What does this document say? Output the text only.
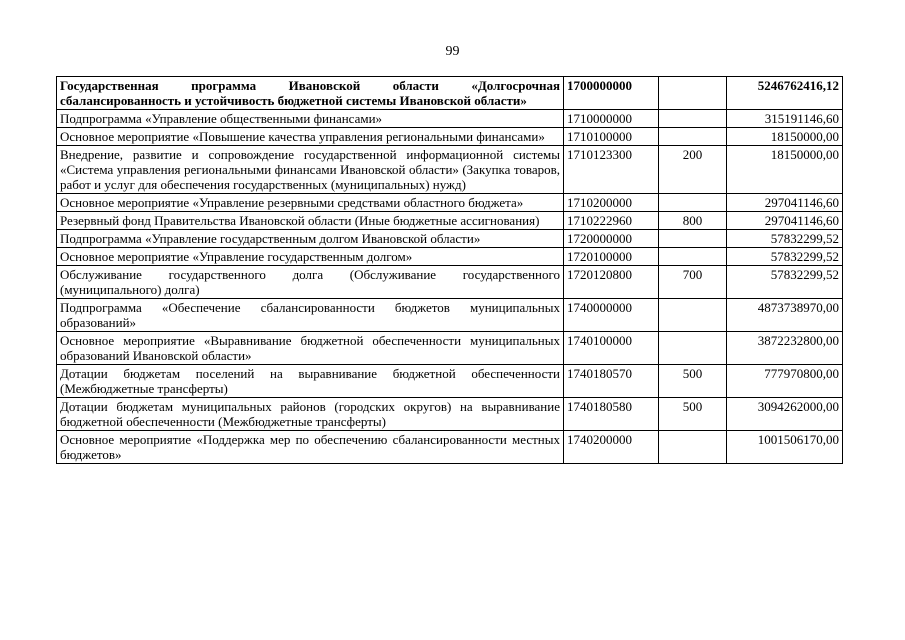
99
Государственная программа Ивановской области «Долгосрочная сбалансированность и устойчивость бюджетной системы Ивановской области»	1700000000		5246762416,12
Подпрограмма «Управление общественными финансами»	1710000000		315191146,60
Основное мероприятие «Повышение качества управления региональными финансами»	1710100000		18150000,00
Внедрение, развитие и сопровождение государственной информационной системы «Система управления региональными финансами Ивановской области» (Закупка товаров, работ и услуг для обеспечения государственных (муниципальных) нужд)	1710123300	200	18150000,00
Основное мероприятие «Управление резервными средствами областного бюджета»	1710200000		297041146,60
Резервный фонд Правительства Ивановской области (Иные бюджетные ассигнования)	1710222960	800	297041146,60
Подпрограмма «Управление государственным долгом Ивановской области»	1720000000		57832299,52
Основное мероприятие «Управление государственным долгом»	1720100000		57832299,52
Обслуживание государственного долга (Обслуживание государственного (муниципального) долга)	1720120800	700	57832299,52
Подпрограмма «Обеспечение сбалансированности бюджетов муниципальных образований»	1740000000		4873738970,00
Основное мероприятие «Выравнивание бюджетной обеспеченности муниципальных образований Ивановской области»	1740100000		3872232800,00
Дотации бюджетам поселений на выравнивание бюджетной обеспеченности (Межбюджетные трансферты)	1740180570	500	777970800,00
Дотации бюджетам муниципальных районов (городских округов) на выравнивание бюджетной обеспеченности (Межбюджетные трансферты)	1740180580	500	3094262000,00
Основное мероприятие «Поддержка мер по обеспечению сбалансированности местных бюджетов»	1740200000		1001506170,00
